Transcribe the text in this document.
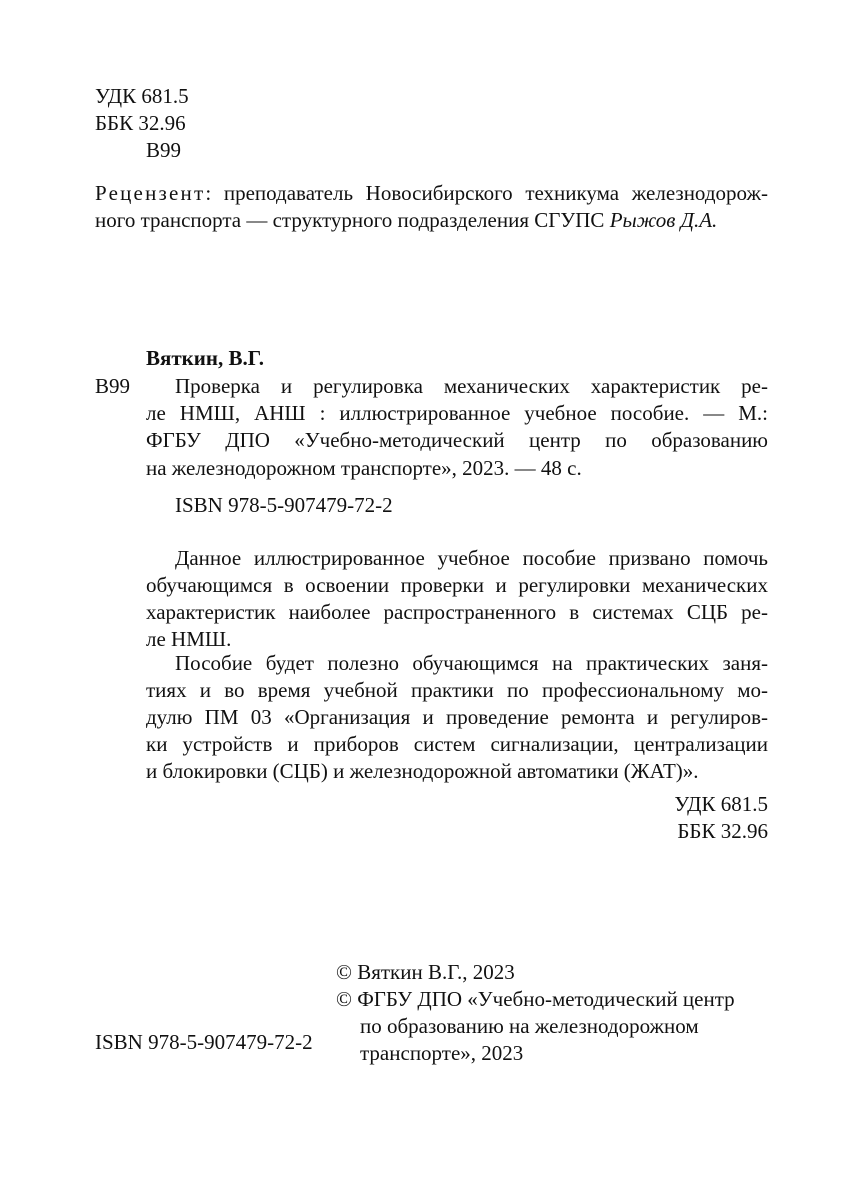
УДК 681.5
ББК 32.96
В99
Рецензент: преподаватель Новосибирского техникума железнодорож-
ного транспорта — структурного подразделения СГУПС Рыжов Д.А.
Вяткин, В.Г.
В99 Проверка и регулировка механических характеристик ре-
ле НМШ, АНШ : иллюстрированное учебное пособие. — М.:
ФГБУ ДПО «Учебно-методический центр по образованию
на железнодорожном транспорте», 2023. — 48 с.
ISBN 978-5-907479-72-2
Данное иллюстрированное учебное пособие призвано помочь
обучающимся в освоении проверки и регулировки механических
характеристик наиболее распространенного в системах СЦБ ре-
ле НМШ.
Пособие будет полезно обучающимся на практических заня-
тиях и во время учебной практики по профессиональному мо-
дулю ПМ 03 «Организация и проведение ремонта и регулиров-
ки устройств и приборов систем сигнализации, централизации
и блокировки (СЦБ) и железнодорожной автоматики (ЖАТ)».
УДК 681.5
ББК 32.96
© Вяткин В.Г., 2023
© ФГБУ ДПО «Учебно-методический центр
по образованию на железнодорожном
транспорте», 2023
ISBN 978-5-907479-72-2
